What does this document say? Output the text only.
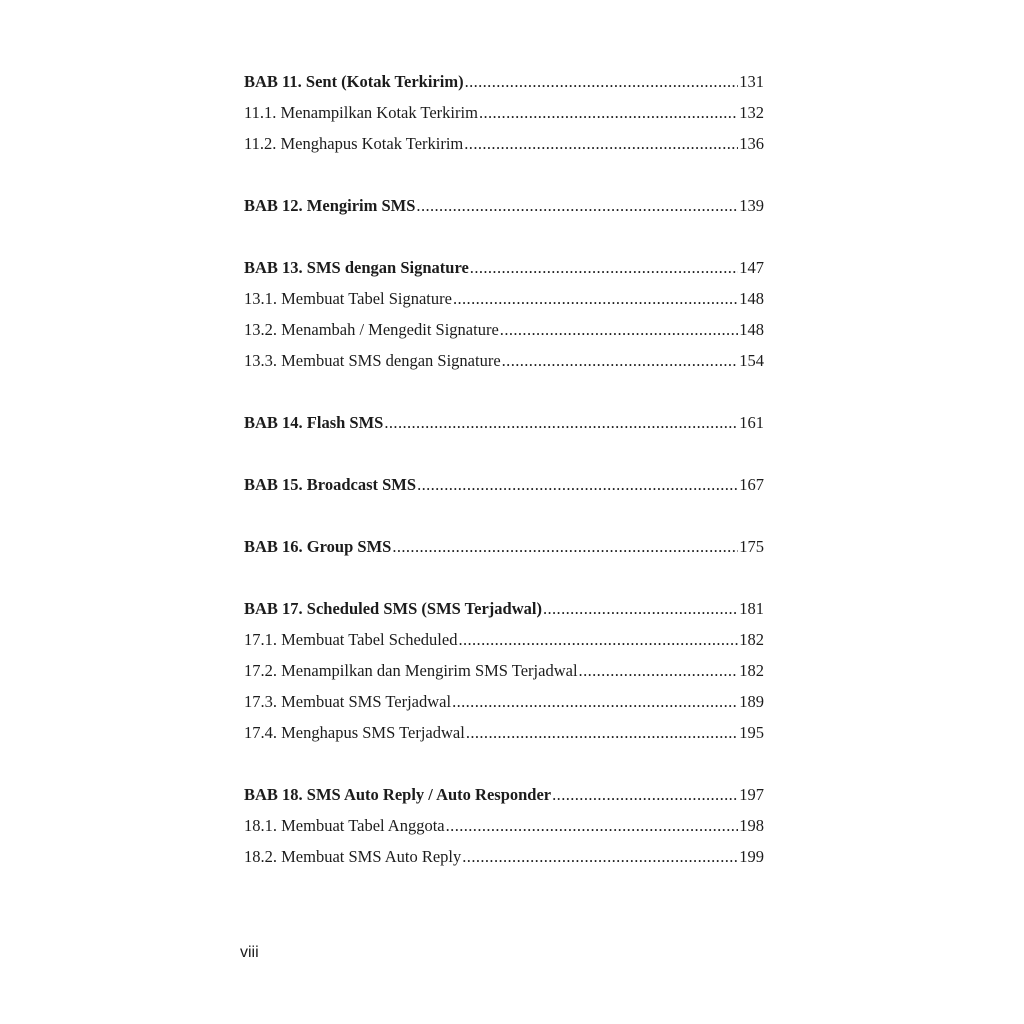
BAB 11. Sent (Kotak Terkirim) .....	131
11.1. Menampilkan Kotak Terkirim .....	132
11.2. Menghapus Kotak Terkirim .....	136
BAB 12. Mengirim SMS .....	139
BAB 13. SMS dengan Signature .....	147
13.1. Membuat Tabel Signature .....	148
13.2. Menambah / Mengedit Signature .....	148
13.3. Membuat SMS dengan Signature .....	154
BAB 14. Flash SMS .....	161
BAB 15. Broadcast SMS .....	167
BAB 16. Group SMS .....	175
BAB 17. Scheduled SMS (SMS Terjadwal) .....	181
17.1. Membuat Tabel Scheduled .....	182
17.2. Menampilkan dan Mengirim SMS Terjadwal .....	182
17.3. Membuat SMS Terjadwal .....	189
17.4. Menghapus SMS Terjadwal .....	195
BAB 18. SMS Auto Reply / Auto Responder .....	197
18.1. Membuat Tabel Anggota .....	198
18.2. Membuat SMS Auto Reply .....	199
viii
